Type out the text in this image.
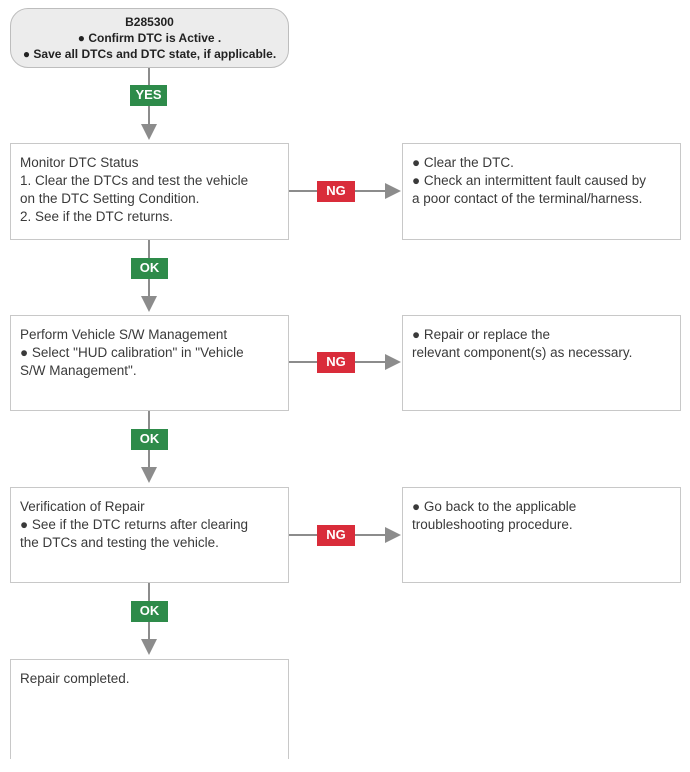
B285300
● Confirm DTC is Active .
● Save all DTCs and DTC state, if applicable.
YES
OK
OK
OK
NG
NG
NG
Monitor DTC Status
1. Clear the DTCs and test the vehicle
on the DTC Setting Condition.
2. See if the DTC returns.
● Clear the DTC.
● Check an intermittent fault caused by
a poor contact of the terminal/harness.
Perform Vehicle S/W Management
● Select "HUD calibration" in "Vehicle
S/W Management".
● Repair or replace the
relevant component(s) as necessary.
Verification of Repair
● See if the DTC returns after clearing
the DTCs and testing the vehicle.
● Go back to the applicable
troubleshooting procedure.
Repair completed.
